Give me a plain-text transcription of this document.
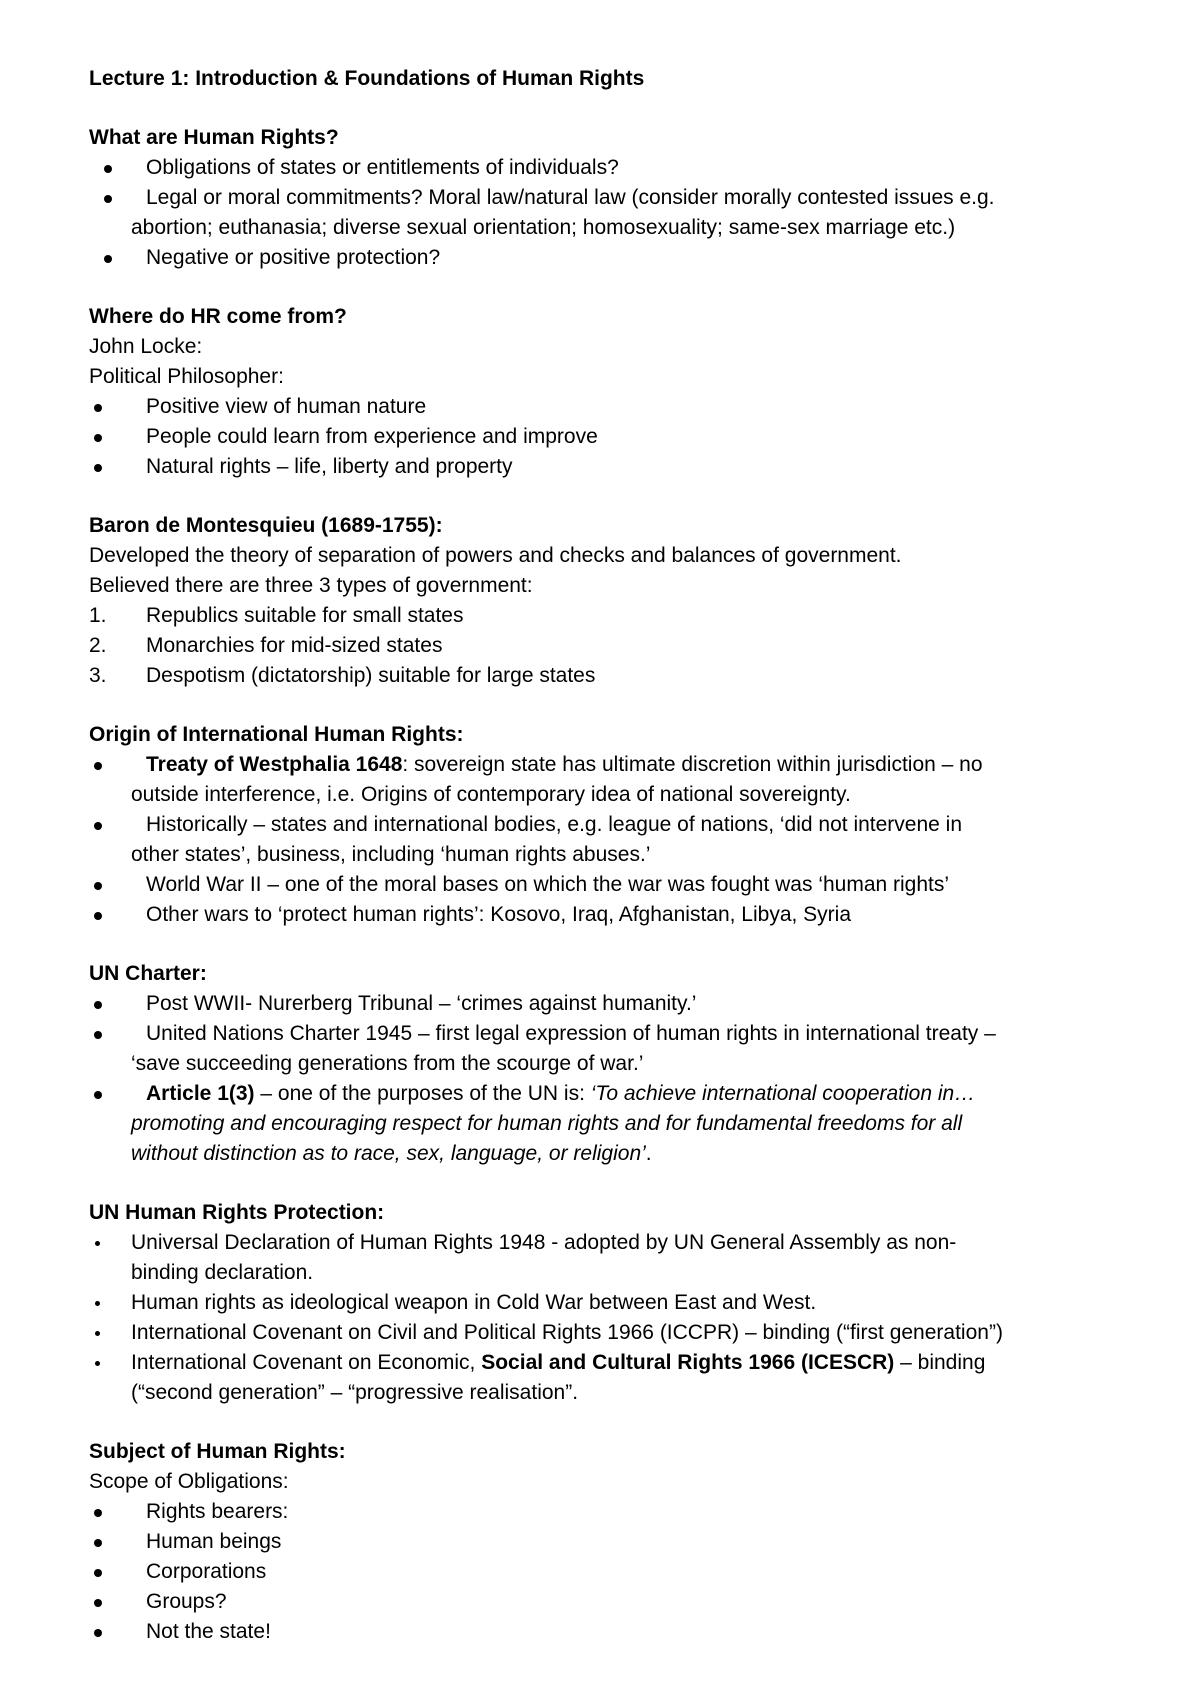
Lecture 1: Introduction & Foundations of Human Rights
What are Human Rights?
Obligations of states or entitlements of individuals?
Legal or moral commitments? Moral law/natural law (consider morally contested issues e.g.
abortion; euthanasia; diverse sexual orientation; homosexuality; same-sex marriage etc.)
Negative or positive protection?
Where do HR come from?
John Locke:
Political Philosopher:
Positive view of human nature
People could learn from experience and improve
Natural rights – life, liberty and property
Baron de Montesquieu (1689-1755):
Developed the theory of separation of powers and checks and balances of government.
Believed there are three 3 types of government:
1.	Republics suitable for small states
2.	Monarchies for mid-sized states
3.	Despotism (dictatorship) suitable for large states
Origin of International Human Rights:
Treaty of Westphalia 1648: sovereign state has ultimate discretion within jurisdiction – no
outside interference, i.e. Origins of contemporary idea of national sovereignty.
Historically – states and international bodies, e.g. league of nations, ‘did not intervene in
other states’, business, including ‘human rights abuses.’
World War II – one of the moral bases on which the war was fought was ‘human rights’
Other wars to ‘protect human rights’: Kosovo, Iraq, Afghanistan, Libya, Syria
UN Charter:
Post WWII- Nurerberg Tribunal – ‘crimes against humanity.’
United Nations Charter 1945 – first legal expression of human rights in international treaty –
‘save succeeding generations from the scourge of war.’
Article 1(3) – one of the purposes of the UN is: ‘To achieve international cooperation in…
promoting and encouraging respect for human rights and for fundamental freedoms for all
without distinction as to race, sex, language, or religion’.
UN Human Rights Protection:
Universal Declaration of Human Rights 1948 - adopted by UN General Assembly as non-
binding declaration.
Human rights as ideological weapon in Cold War between East and West.
International Covenant on Civil and Political Rights 1966 (ICCPR) – binding (“first generation”)
International Covenant on Economic, Social and Cultural Rights 1966 (ICESCR) – binding
(“second generation” – “progressive realisation”.
Subject of Human Rights:
Scope of Obligations:
Rights bearers:
Human beings
Corporations
Groups?
Not the state!
